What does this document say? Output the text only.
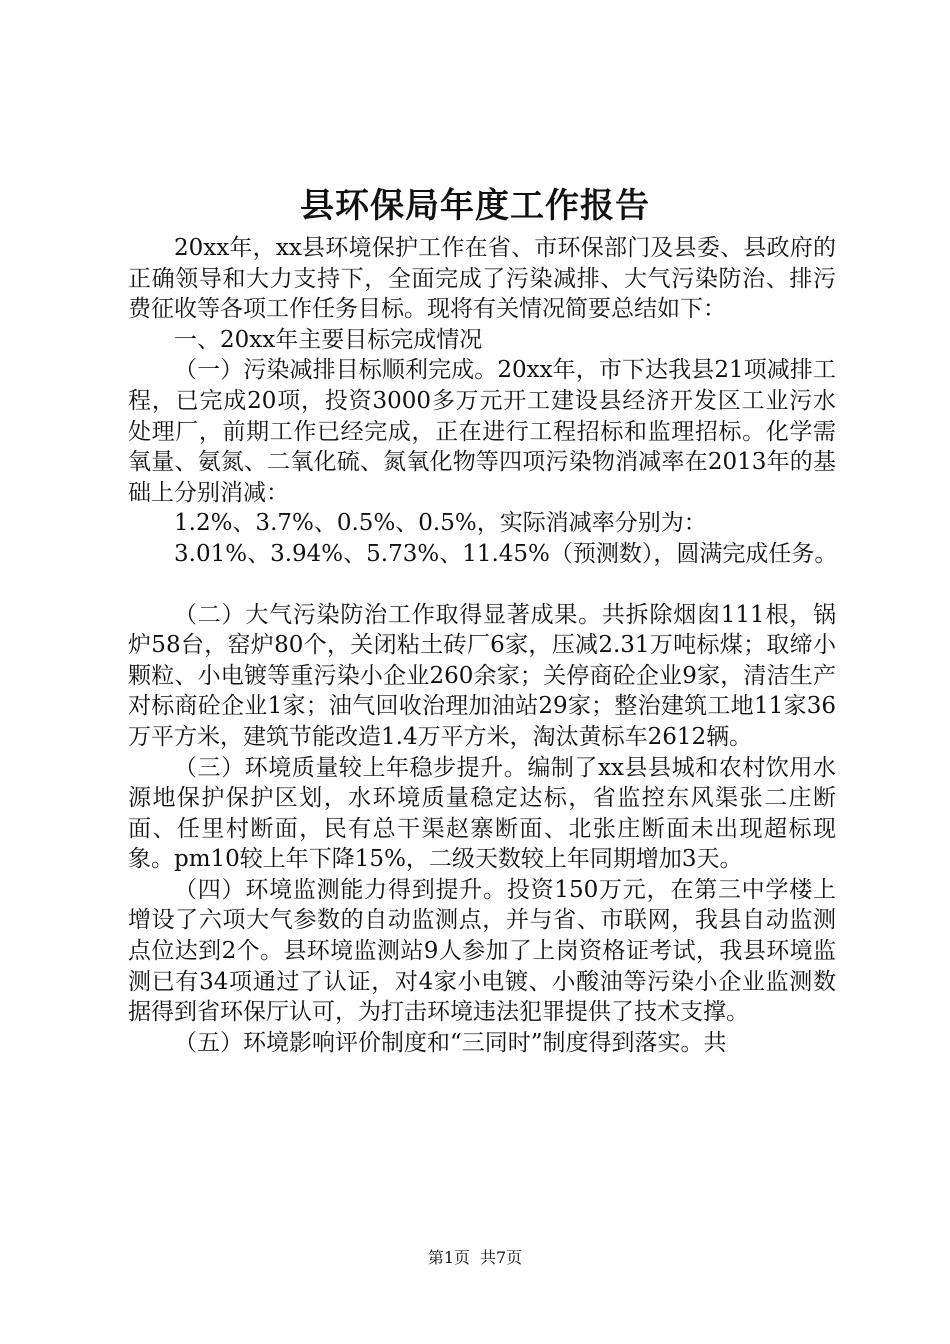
县环保局年度工作报告

20xx年，xx县环境保护工作在省、市环保部门及县委、县政府的正确领导和大力支持下，全面完成了污染减排、大气污染防治、排污费征收等各项工作任务目标。现将有关情况简要总结如下：

一、20xx年主要目标完成情况

（一）污染减排目标顺利完成。20xx年，市下达我县21项减排工程，已完成20项，投资3000多万元开工建设县经济开发区工业污水处理厂，前期工作已经完成，正在进行工程招标和监理招标。化学需氧量、氨氮、二氧化硫、氮氧化物等四项污染物消减率在2013年的基础上分别消减：

1.2%、3.7%、0.5%、0.5%，实际消减率分别为：

3.01%、3.94%、5.73%、11.45%（预测数），圆满完成任务。

（二）大气污染防治工作取得显著成果。共拆除烟囱111根，锅炉58台，窑炉80个，关闭粘土砖厂6家，压减2.31万吨标煤；取缔小颗粒、小电镀等重污染小企业260余家；关停商砼企业9家，清洁生产对标商砼企业1家；油气回收治理加油站29家；整治建筑工地11家36万平方米，建筑节能改造1.4万平方米，淘汰黄标车2612辆。

（三）环境质量较上年稳步提升。编制了xx县县城和农村饮用水源地保护保护区划，水环境质量稳定达标，省监控东风渠张二庄断面、任里村断面，民有总干渠赵寨断面、北张庄断面未出现超标现象。pm10较上年下降15%，二级天数较上年同期增加3天。

（四）环境监测能力得到提升。投资150万元，在第三中学楼上增设了六项大气参数的自动监测点，并与省、市联网，我县自动监测点位达到2个。县环境监测站9人参加了上岗资格证考试，我县环境监测已有34项通过了认证，对4家小电镀、小酸油等污染小企业监测数据得到省环保厅认可，为打击环境违法犯罪提供了技术支撑。

（五）环境影响评价制度和“三同时”制度得到落实。共

第1页 共7页
